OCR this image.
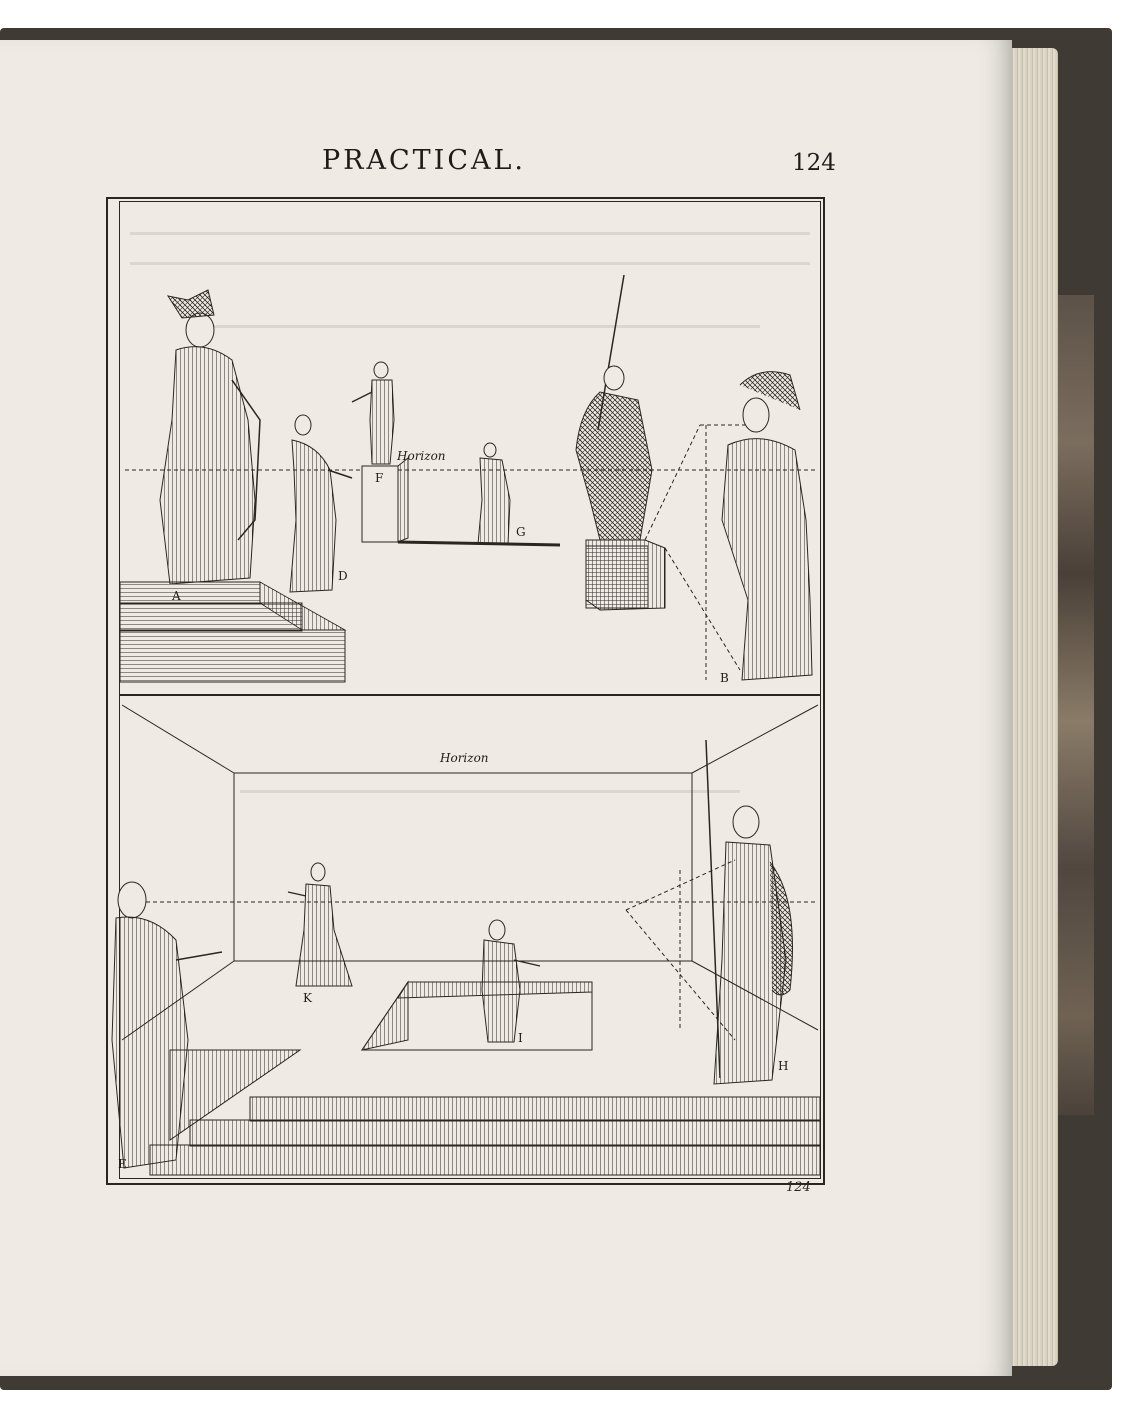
PRACTICAL.	124
A
D
F
G
B
Horizon
Horizon
K
I
H
E
124
